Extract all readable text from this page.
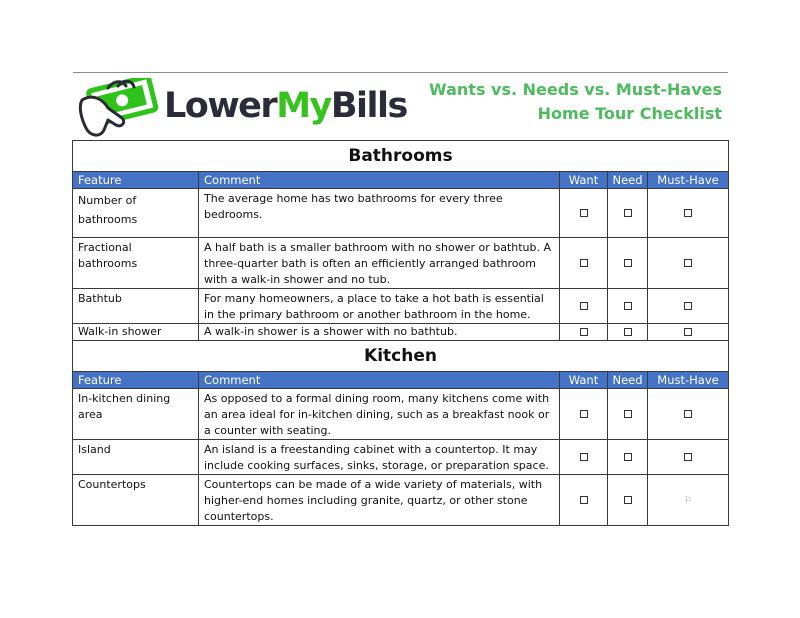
LowerMyBills Wants vs. Needs vs. Must-Haves
Home Tour Checklist
Bathrooms				
Feature	Comment	Want	Need	Must-Have
Number of bathrooms	The average home has two bathrooms for every three bedrooms.			
Fractional bathrooms	A half bath is a smaller bathroom with no shower or bathtub. A three-quarter bath is often an efficiently arranged bathroom with a walk-in shower and no tub.			
Bathtub	For many homeowners, a place to take a hot bath is essential in the primary bathroom or another bathroom in the home.			
Walk-in shower	A walk-in shower is a shower with no bathtub.			
Kitchen				
Feature	Comment	Want	Need	Must-Have
In-kitchen dining area	As opposed to a formal dining room, many kitchens come with an area ideal for in-kitchen dining, such as a breakfast nook or a counter with seating.			
Island	An island is a freestanding cabinet with a countertop. It may include cooking surfaces, sinks, storage, or preparation space.			
Countertops	Countertops can be made of a wide variety of materials, with higher-end homes including granite, quartz, or other stone countertops.			⚐
